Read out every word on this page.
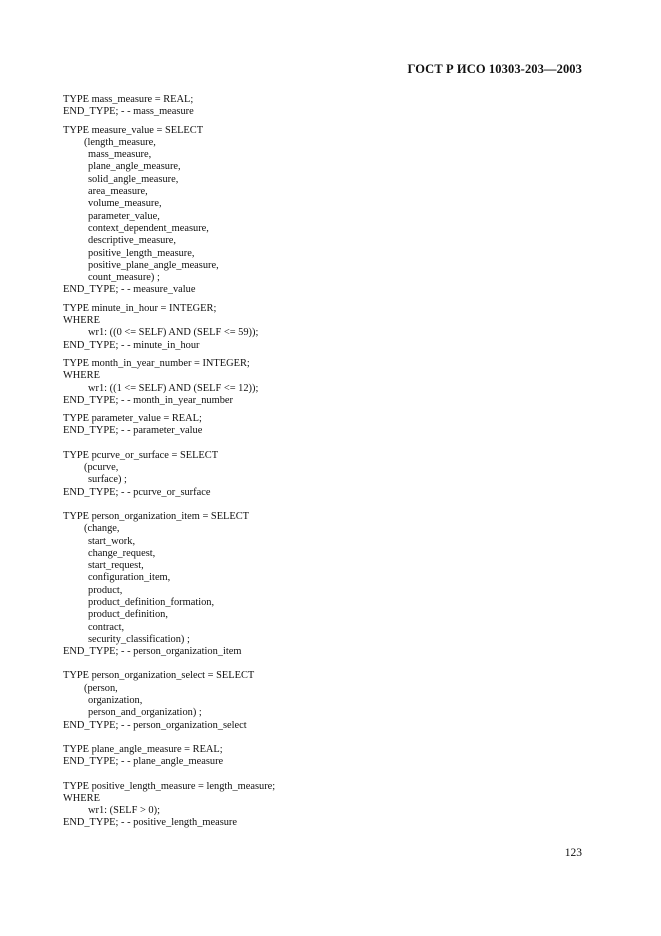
ГОСТ Р ИСО 10303-203—2003
TYPE mass_measure = REAL;
END_TYPE; - - mass_measure
TYPE measure_value = SELECT
(length_measure,
mass_measure,
plane_angle_measure,
solid_angle_measure,
area_measure,
volume_measure,
parameter_value,
context_dependent_measure,
descriptive_measure,
positive_length_measure,
positive_plane_angle_measure,
count_measure) ;
END_TYPE; - - measure_value
TYPE minute_in_hour = INTEGER;
WHERE
wr1: ((0 <= SELF) AND (SELF <= 59));
END_TYPE; - - minute_in_hour
TYPE month_in_year_number = INTEGER;
WHERE
wr1: ((1 <= SELF) AND (SELF <= 12));
END_TYPE; - - month_in_year_number
TYPE parameter_value = REAL;
END_TYPE; - - parameter_value
TYPE pcurve_or_surface = SELECT
(pcurve,
surface) ;
END_TYPE; - - pcurve_or_surface
TYPE person_organization_item = SELECT
(change,
start_work,
change_request,
start_request,
configuration_item,
product,
product_definition_formation,
product_definition,
contract,
security_classification) ;
END_TYPE; - - person_organization_item
TYPE person_organization_select = SELECT
(person,
organization,
person_and_organization) ;
END_TYPE; - - person_organization_select
TYPE plane_angle_measure = REAL;
END_TYPE; - - plane_angle_measure
TYPE positive_length_measure = length_measure;
WHERE
wr1: (SELF > 0);
END_TYPE; - - positive_length_measure
123
